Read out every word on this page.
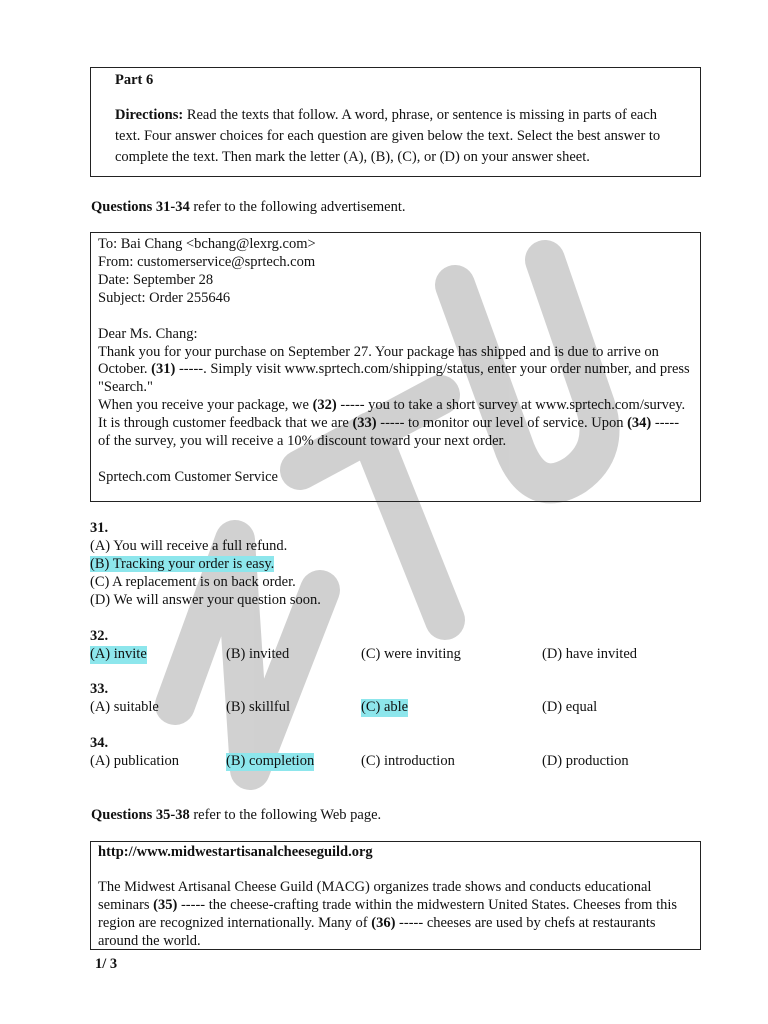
Part 6

Directions: Read the texts that follow. A word, phrase, or sentence is missing in parts of each text. Four answer choices for each question are given below the text. Select the best answer to complete the text. Then mark the letter (A), (B), (C), or (D) on your answer sheet.

Questions 31-34 refer to the following advertisement.
To: Bai Chang <bchang@lexrg.com>
From: customerservice@sprtech.com
Date: September 28
Subject: Order 255646
Dear Ms. Chang:
Thank you for your purchase on September 27. Your package has shipped and is due to arrive on October. (31) -----. Simply visit www.sprtech.com/shipping/status, enter your order number, and press "Search."
When you receive your package, we (32) ----- you to take a short survey at www.sprtech.com/survey. It is through customer feedback that we are (33) ----- to monitor our level of service. Upon (34) ----- of the survey, you will receive a 10% discount toward your next order.
Sprtech.com Customer Service
31.
(A) You will receive a full refund.
(B) Tracking your order is easy.
(C) A replacement is on back order.
(D) We will answer your question soon.
32.
(A) invite	(B) invited	(C) were inviting	(D) have invited
33.
(A) suitable	(B) skillful	(C) able	(D) equal
34.
(A) publication	(B) completion	(C) introduction	(D) production
Questions 35-38 refer to the following Web page.
http://www.midwestartisanalcheeseguild.org
The Midwest Artisanal Cheese Guild (MACG) organizes trade shows and conducts educational seminars (35) ----- the cheese-crafting trade within the midwestern United States. Cheeses from this region are recognized internationally. Many of (36) ----- cheeses are used by chefs at restaurants around the world.
1/ 3
